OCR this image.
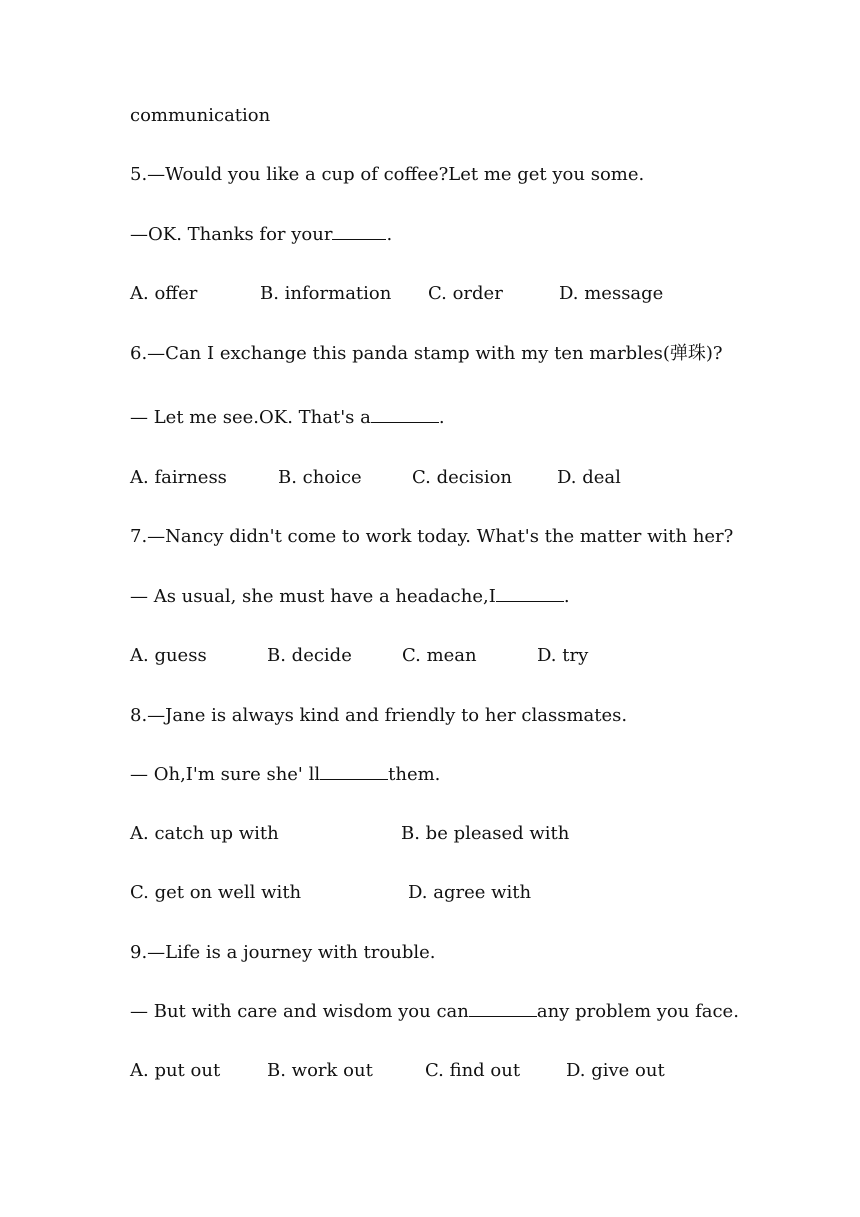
communication
5.—Would you like a cup of coffee?Let me get you some.
—OK. Thanks for your	.
A. offer	B. information C. order	D. message
6.—Can I exchange this panda stamp with my ten marbles(弹珠)?
— Let me see.OK. That's a	.
A. fairness	B. choice	C. decision D. deal
7.—Nancy didn't come to work today. What's the matter with her?
— As usual, she must have a headache,I	.
A. guess	B. decide	C. mean	D. try
8.—Jane is always kind and friendly to her classmates.
— Oh,I'm sure she' ll	them.
A. catch up with	B. be pleased with
C. get on well with	D. agree with
9.—Life is a journey with trouble.
— But with care and wisdom you can	any problem you face.
A. put out	B. work out	C. find out	D. give out
